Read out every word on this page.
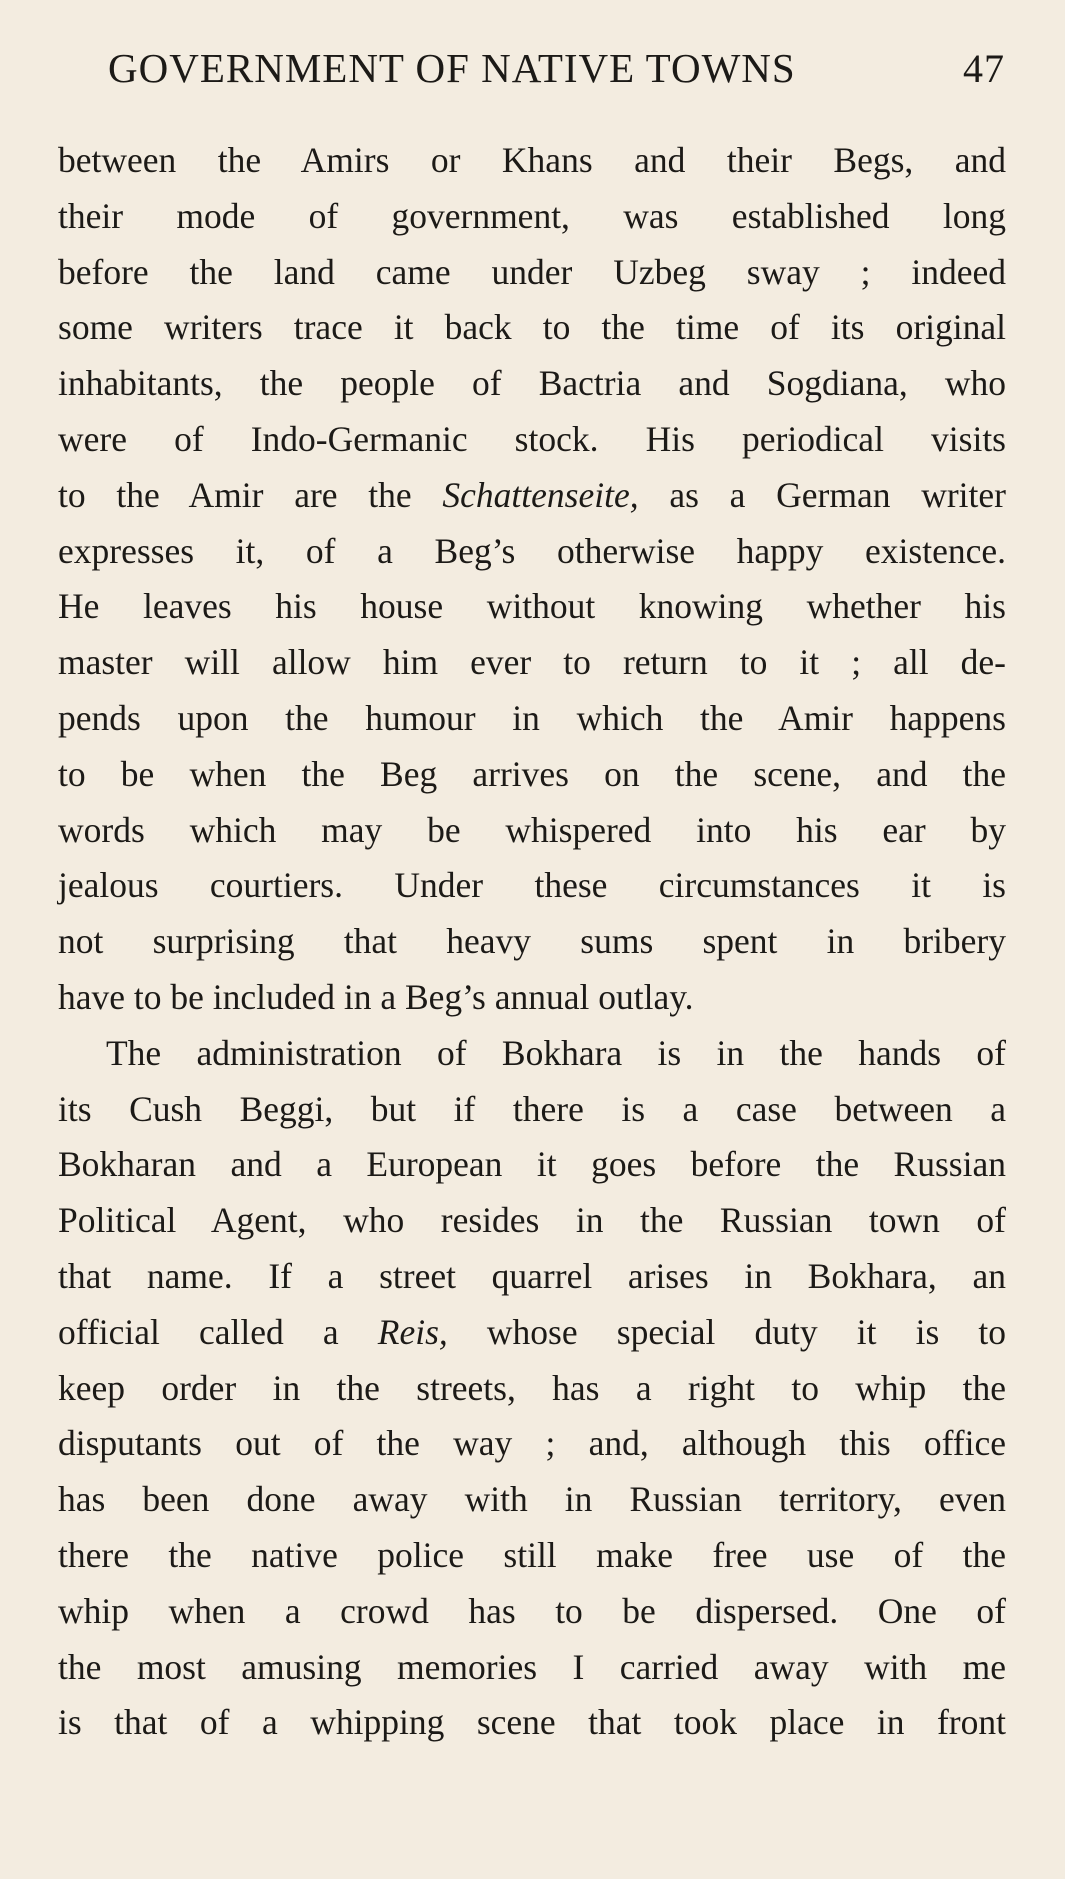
GOVERNMENT OF NATIVE TOWNS	47
between the Amirs or Khans and their Begs, and
their mode of government, was established long
before the land came under Uzbeg sway ; indeed
some writers trace it back to the time of its original
inhabitants, the people of Bactria and Sogdiana, who
were of Indo-Germanic stock. His periodical visits
to the Amir are the Schattenseite, as a German writer
expresses it, of a Beg’s otherwise happy existence.
He leaves his house without knowing whether his
master will allow him ever to return to it ; all de-
pends upon the humour in which the Amir happens
to be when the Beg arrives on the scene, and the
words which may be whispered into his ear by
jealous courtiers. Under these circumstances it is
not surprising that heavy sums spent in bribery
have to be included in a Beg’s annual outlay.
The administration of Bokhara is in the hands of
its Cush Beggi, but if there is a case between a
Bokharan and a European it goes before the Russian
Political Agent, who resides in the Russian town of
that name. If a street quarrel arises in Bokhara, an
official called a Reis, whose special duty it is to
keep order in the streets, has a right to whip the
disputants out of the way ; and, although this office
has been done away with in Russian territory, even
there the native police still make free use of the
whip when a crowd has to be dispersed. One of
the most amusing memories I carried away with me
is that of a whipping scene that took place in front
